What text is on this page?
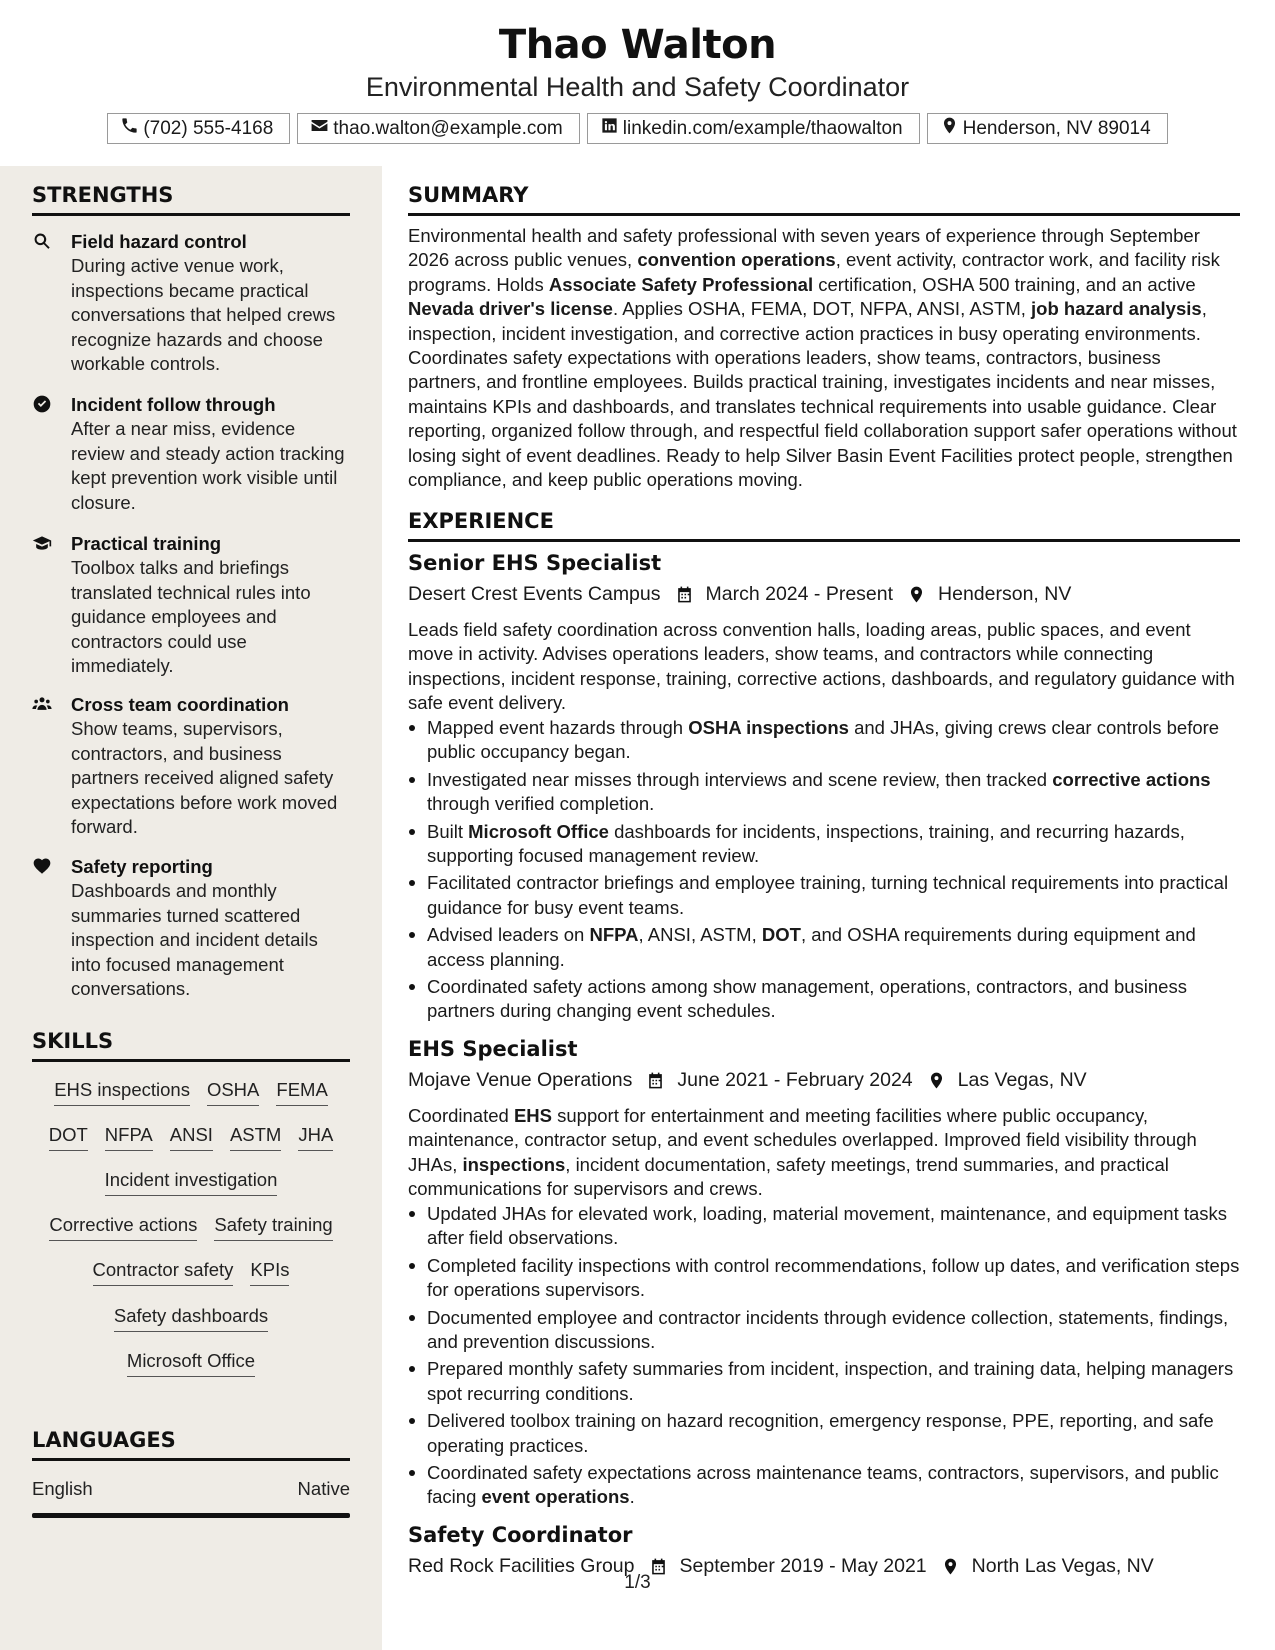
Thao Walton
Environmental Health and Safety Coordinator
(702) 555-4168	thao.walton@example.com	linkedin.com/example/thaowalton	Henderson, NV 89014
STRENGTHS
Field hazard control
During active venue work, inspections became practical conversations that helped crews recognize hazards and choose workable controls.
Incident follow through
After a near miss, evidence review and steady action tracking kept prevention work visible until closure.
Practical training
Toolbox talks and briefings translated technical rules into guidance employees and contractors could use immediately.
Cross team coordination
Show teams, supervisors, contractors, and business partners received aligned safety expectations before work moved forward.
Safety reporting
Dashboards and monthly summaries turned scattered inspection and incident details into focused management conversations.
SKILLS
EHS inspections OSHA FEMA
DOT NFPA ANSI ASTM JHA
Incident investigation
Corrective actions Safety training
Contractor safety KPIs
Safety dashboards
Microsoft Office
LANGUAGES
English	Native
SUMMARY
Environmental health and safety professional with seven years of experience through September 2026 across public venues, convention operations, event activity, contractor work, and facility risk programs. Holds Associate Safety Professional certification, OSHA 500 training, and an active Nevada driver's license. Applies OSHA, FEMA, DOT, NFPA, ANSI, ASTM, job hazard analysis, inspection, incident investigation, and corrective action practices in busy operating environments. Coordinates safety expectations with operations leaders, show teams, contractors, business partners, and frontline employees. Builds practical training, investigates incidents and near misses, maintains KPIs and dashboards, and translates technical requirements into usable guidance. Clear reporting, organized follow through, and respectful field collaboration support safer operations without losing sight of event deadlines. Ready to help Silver Basin Event Facilities protect people, strengthen compliance, and keep public operations moving.
EXPERIENCE
Senior EHS Specialist
Desert Crest Events Campus March 2024 - Present Henderson, NV
Leads field safety coordination across convention halls, loading areas, public spaces, and event move in activity. Advises operations leaders, show teams, and contractors while connecting inspections, incident response, training, corrective actions, dashboards, and regulatory guidance with safe event delivery.
Mapped event hazards through OSHA inspections and JHAs, giving crews clear controls before public occupancy began.
Investigated near misses through interviews and scene review, then tracked corrective actions through verified completion.
Built Microsoft Office dashboards for incidents, inspections, training, and recurring hazards, supporting focused management review.
Facilitated contractor briefings and employee training, turning technical requirements into practical guidance for busy event teams.
Advised leaders on NFPA, ANSI, ASTM, DOT, and OSHA requirements during equipment and access planning.
Coordinated safety actions among show management, operations, contractors, and business partners during changing event schedules.
EHS Specialist
Mojave Venue Operations June 2021 - February 2024 Las Vegas, NV
Coordinated EHS support for entertainment and meeting facilities where public occupancy, maintenance, contractor setup, and event schedules overlapped. Improved field visibility through JHAs, inspections, incident documentation, safety meetings, trend summaries, and practical communications for supervisors and crews.
Updated JHAs for elevated work, loading, material movement, maintenance, and equipment tasks after field observations.
Completed facility inspections with control recommendations, follow up dates, and verification steps for operations supervisors.
Documented employee and contractor incidents through evidence collection, statements, findings, and prevention discussions.
Prepared monthly safety summaries from incident, inspection, and training data, helping managers spot recurring conditions.
Delivered toolbox training on hazard recognition, emergency response, PPE, reporting, and safe operating practices.
Coordinated safety expectations across maintenance teams, contractors, supervisors, and public facing event operations.
Safety Coordinator
Red Rock Facilities Group September 2019 - May 2021 North Las Vegas, NV
1/3
